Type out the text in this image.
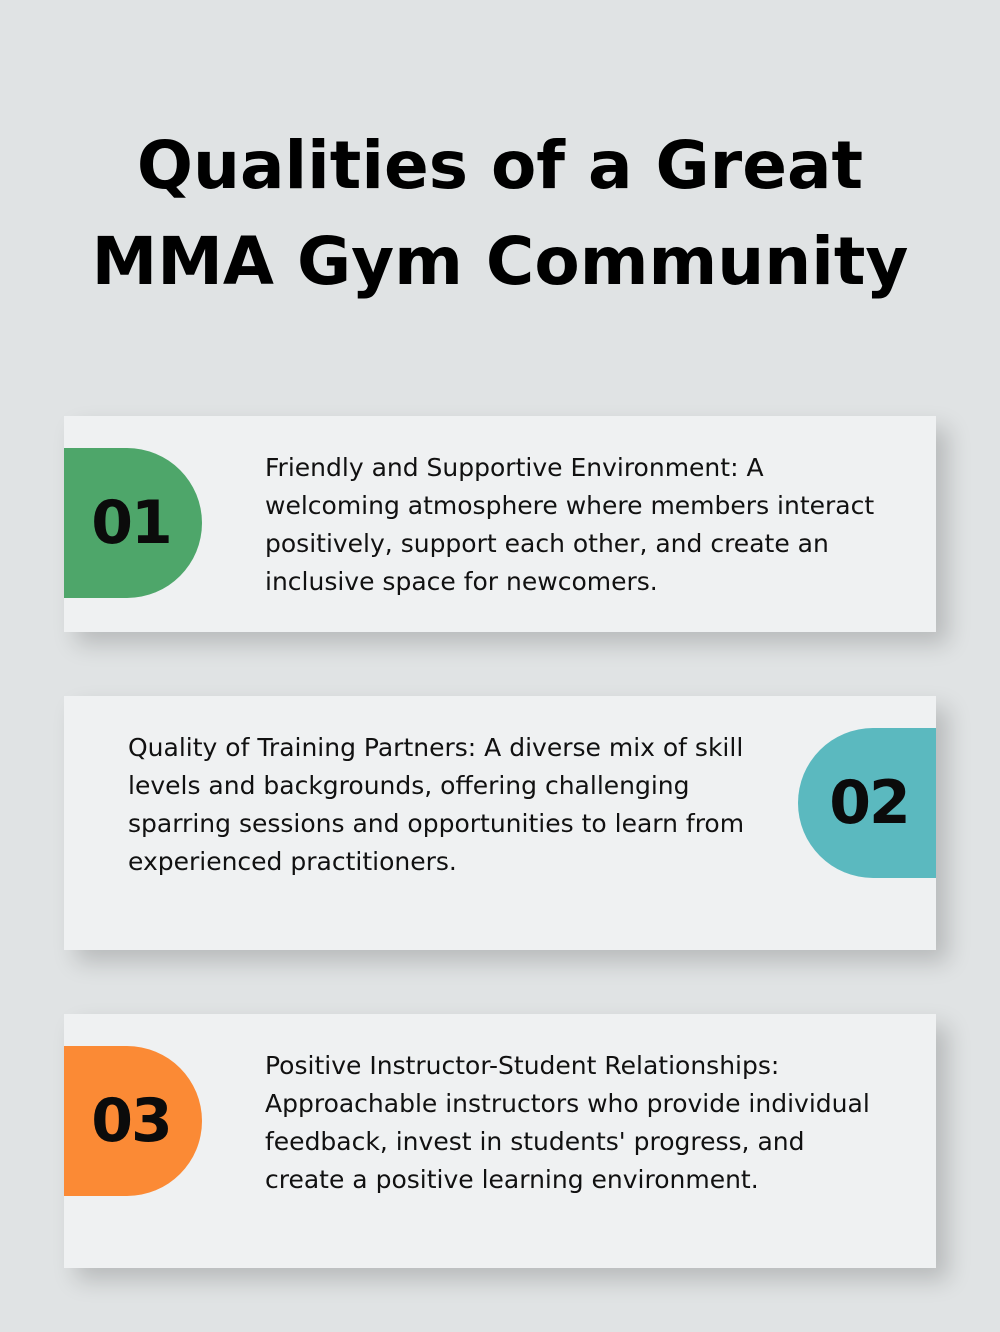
Qualities of a Great
MMA Gym Community
01

Friendly and Supportive Environment: A welcoming atmosphere where members interact positively, support each other, and create an inclusive space for newcomers.

Quality of Training Partners: A diverse mix of skill levels and backgrounds, offering challenging sparring sessions and opportunities to learn from experienced practitioners.

02
03

Positive Instructor-Student Relationships: Approachable instructors who provide individual feedback, invest in students' progress, and create a positive learning environment.
